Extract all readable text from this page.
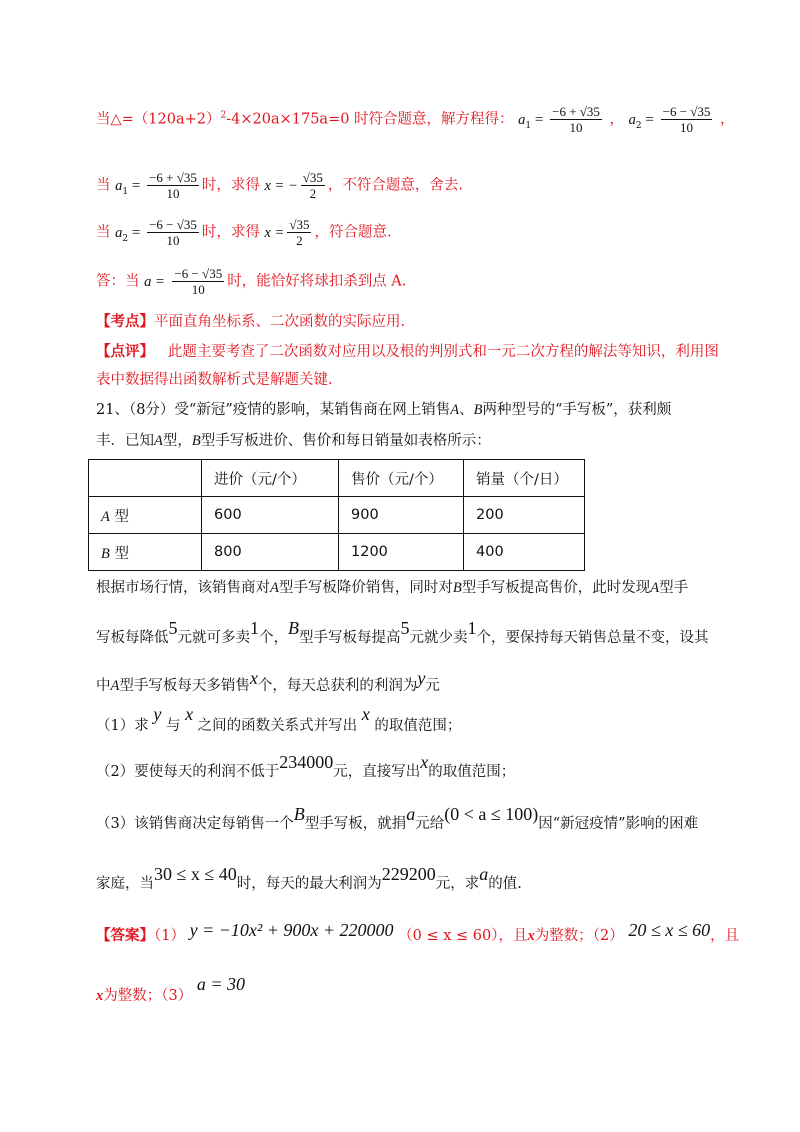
当$\triangle=(120a+2)^2-4\times 20a\times 175a=0$ 时符合题意，解方程得： $a_1 = \frac{-6 + √35}{10}$ ， $a_2 = \frac{-6 - √35}{10}$ ，
当 $a_1 = \frac{-6 + √35}{10}$ 时，求得 x = − $\frac{√35}{2}$ ，不符合题意，舍去.
当 $a_2 = \frac{-6 - √35}{10}$ 时，求得 $x = \frac{√35}{2}$ ，符合题意.
答：当 $a = \frac{-6 - √35}{10}$ 时，能恰好将球扣杀到点 A.
【考点】平面直角坐标系、二次函数的实际应用.
【点评】 此题主要考查了二次函数对应用以及根的判别式和一元二次方程的解法等知识，利用图
表中数据得出函数解析式是解题关键.
21、（8分）受“新冠”疫情的影响，某销售商在网上销售A、B两种型号的“手写板”，获利颇
丰．已知A型，B型手写板进价、售价和每日销量如表格所示：
	进价（元/个）	售价（元/个）	销量（个/日）
A 型	600	900	200
B 型	800	1200	400
根据市场行情，该销售商对A型手写板降价销售，同时对B型手写板提高售价，此时发现A型手
写板每降低5元就可多卖1个，B型手写板每提高5元就少卖1个，要保持每天销售总量不变，设其
中A型手写板每天多销售x个，每天总获利的利润为y元
（1）求 y 与 x 之间的函数关系式并写出 x 的取值范围；
（2）要使每天的利润不低于234000元，直接写出x的取值范围；
（3）该销售商决定每销售一个B型手写板，就捐a元给(0 < a ≤ 100)因“新冠疫情”影响的困难
家庭，当30 ≤ x ≤ 40时，每天的最大利润为229200元，求a的值.
【答案】（1） y = −10x² + 900x + 220000 （0 ≤ x ≤ 60），且x为整数；（2） 20 ≤ x ≤ 60，且
x为整数；（3） a = 30
